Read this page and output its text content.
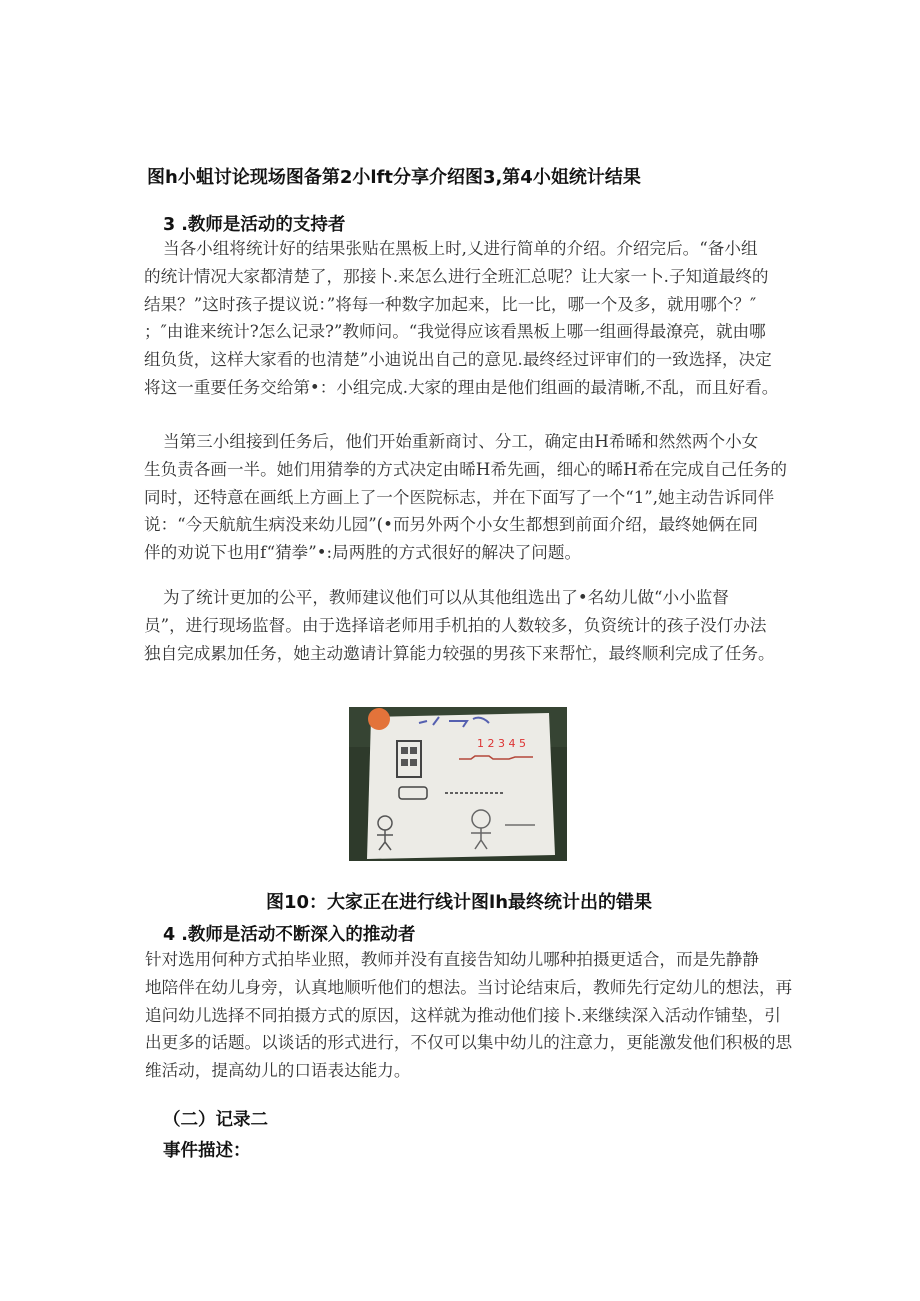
图h小蛆讨论现场图备第2小lft分享介绍图3,第4小姐统计结果
3 .教师是活动的支持者
当各小组将统计好的结果张贴在黑板上时,乂进行简单的介绍。介绍完后。“备小组
的统计情况大家都清楚了，那接卜.来怎么进行全班汇总呢？让大家一卜.子知道最终的
结果？”这时孩子提议说：”将每一种数字加起来，比一比，哪一个及多，就用哪个？″
；″由谁来统计?怎么记录?”教师问。“我觉得应该看黑板上哪一组画得最潦亮，就由哪
组负货，这样大家看的也清楚”小迪说出自己的意见.最终经过评审们的一致选择，决定
将这一重要任务交给第•：小组完成.大家的理由是他们组画的最清晰,不乱，而且好看。
当第三小组接到任务后，他们开始重新商讨、分工，确定由H希晞和然然两个小女
生负责各画一半。她们用猜拳的方式决定由晞H希先画，细心的晞H希在完成自己任务的
同时，还特意在画纸上方画上了一个医院标志，并在下面写了一个“1”,她主动告诉同伴
说：“今天航航生病没来幼儿园”(•而另外两个小女生都想到前面介绍，最终她俩在同
伴的劝说下也用f“猜拳”•:局两胜的方式很好的解决了问题。
为了统计更加的公平，教师建议他们可以从其他组选出了•名幼儿做“小小监督
员”，进行现场监督。由于选择谙老师用手机拍的人数较多，负资统计的孩子没仃办法
独自完成累加任务，她主动邀请计算能力较强的男孩下来帮忙，最终顺利完成了任务。
1 2 3 4 5
图10：大家正在进行线计图lh最终统计出的错果
4 .教师是活动不断深入的推动者
针对选用何种方式拍毕业照，教师并没有直接告知幼儿哪种拍摄更适合，而是先静静
地陪伴在幼儿身旁，认真地顺听他们的想法。当讨论结束后，教师先行定幼儿的想法，再
追问幼儿选择不同拍摄方式的原因，这样就为推动他们接卜.来继续深入活动作铺垫，引
出更多的话题。以谈话的形式进行，不仅可以集中幼儿的注意力，更能激发他们积极的思
维活动，提高幼儿的口语表达能力。
（二）记录二
事件描述：
